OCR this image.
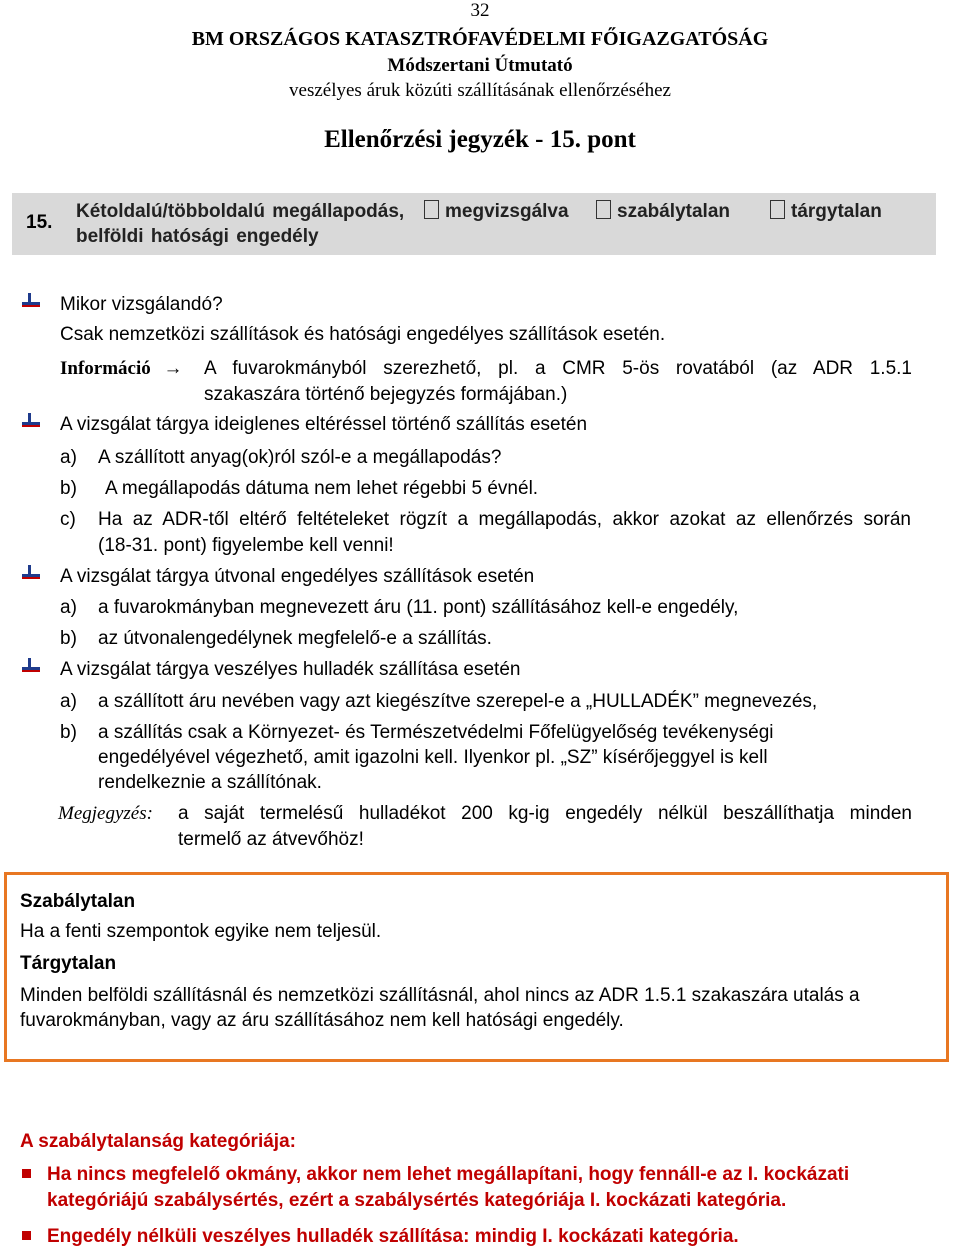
32
BM ORSZÁGOS KATASZTRÓFAVÉDELMI FŐIGAZGATÓSÁG
Módszertani Útmutató
veszélyes áruk közúti szállításának ellenőrzéséhez
Ellenőrzési jegyzék - 15. pont
15.
Kétoldalú/többoldalú megállapodás,
belföldi hatósági engedély
megvizsgálva	szabálytalan	tárgytalan
Mikor vizsgálandó?
Csak nemzetközi szállítások és hatósági engedélyes szállítások esetén.
Információ → A fuvarokmányból szerezhető, pl. a CMR 5-ös rovatából (az ADR 1.5.1
szakaszára történő bejegyzés formájában.)
A vizsgálat tárgya ideiglenes eltéréssel történő szállítás esetén
a) A szállított anyag(ok)ról szól-e a megállapodás?
b) A megállapodás dátuma nem lehet régebbi 5 évnél.
c) Ha az ADR-től eltérő feltételeket rögzít a megállapodás, akkor azokat az ellenőrzés során
(18-31. pont) figyelembe kell venni!
A vizsgálat tárgya útvonal engedélyes szállítások esetén
a) a fuvarokmányban megnevezett áru (11. pont) szállításához kell-e engedély,
b) az útvonalengedélynek megfelelő-e a szállítás.
A vizsgálat tárgya veszélyes hulladék szállítása esetén
a) a szállított áru nevében vagy azt kiegészítve szerepel-e a „HULLADÉK” megnevezés,
b) a szállítás csak a Környezet- és Természetvédelmi Főfelügyelőség tevékenységi
engedélyével végezhető, amit igazolni kell. Ilyenkor pl. „SZ” kísérőjeggyel is kell
rendelkeznie a szállítónak.
Megjegyzés: a saját termelésű hulladékot 200 kg-ig engedély nélkül beszállíthatja minden
termelő az átvevőhöz!
Szabálytalan
Ha a fenti szempontok egyike nem teljesül.
Tárgytalan
Minden belföldi szállításnál és nemzetközi szállításnál, ahol nincs az ADR 1.5.1 szakaszára utalás a
fuvarokmányban, vagy az áru szállításához nem kell hatósági engedély.
A szabálytalanság kategóriája:
Ha nincs megfelelő okmány, akkor nem lehet megállapítani, hogy fennáll-e az I. kockázati
kategóriájú szabálysértés, ezért a szabálysértés kategóriája I. kockázati kategória.
Engedély nélküli veszélyes hulladék szállítása: mindig I. kockázati kategória.
